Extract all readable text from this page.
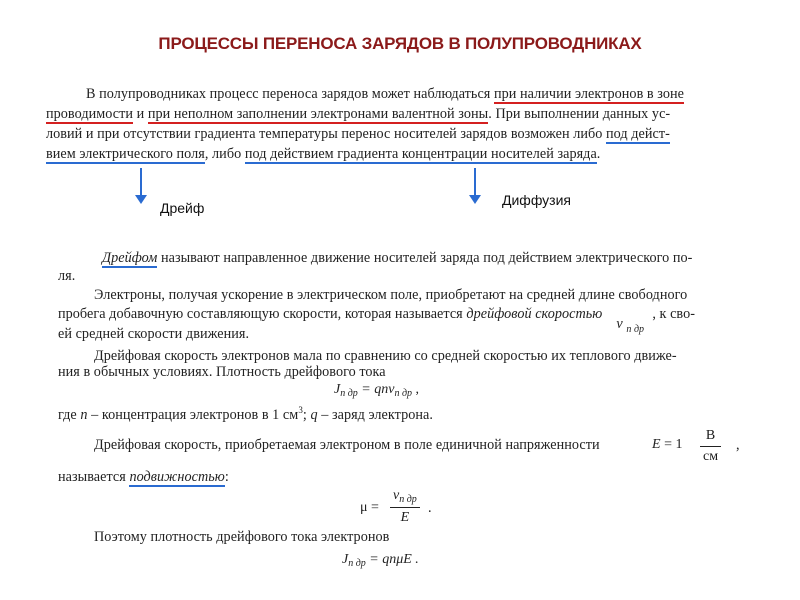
ПРОЦЕССЫ ПЕРЕНОСА ЗАРЯДОВ В ПОЛУПРОВОДНИКАХ
В полупроводниках процесс переноса зарядов может наблюдаться при наличии электронов в зоне
проводимости и при неполном заполнении электронами валентной зоны. При выполнении данных ус-
ловий и при отсутствии градиента температуры перенос носителей зарядов возможен либо под дейст-
вием электрического поля, либо под действием градиента концентрации носителей заряда.
Дрейф	Диффузия
Дрейфом называют направленное движение носителей заряда под действием электрического по-
ля.
Электроны, получая ускорение в электрическом поле, приобретают на средней длине свободного
пробега добавочную составляющую скорости, которая называется дрейфовой скоростью
ν n др
, к сво-
ей средней скорости движения.
Дрейфовая скорость электронов мала по сравнению со средней скоростью их теплового движе-
ния в обычных условиях. Плотность дрейфового тока
$J_{n др} = qn\nu_{n др}$ ,
где n – концентрация электронов в 1 $см^3$; q – заряд электрона.
Дрейфовая скорость, приобретаемая электроном в поле единичной напряженности	E = 1
В
см
,
называется подвижностью:
μ =
$\nu_{n др}$
E
.
Поэтому плотность дрейфового тока электронов
$J_{n др} = qn\mu E$ .
